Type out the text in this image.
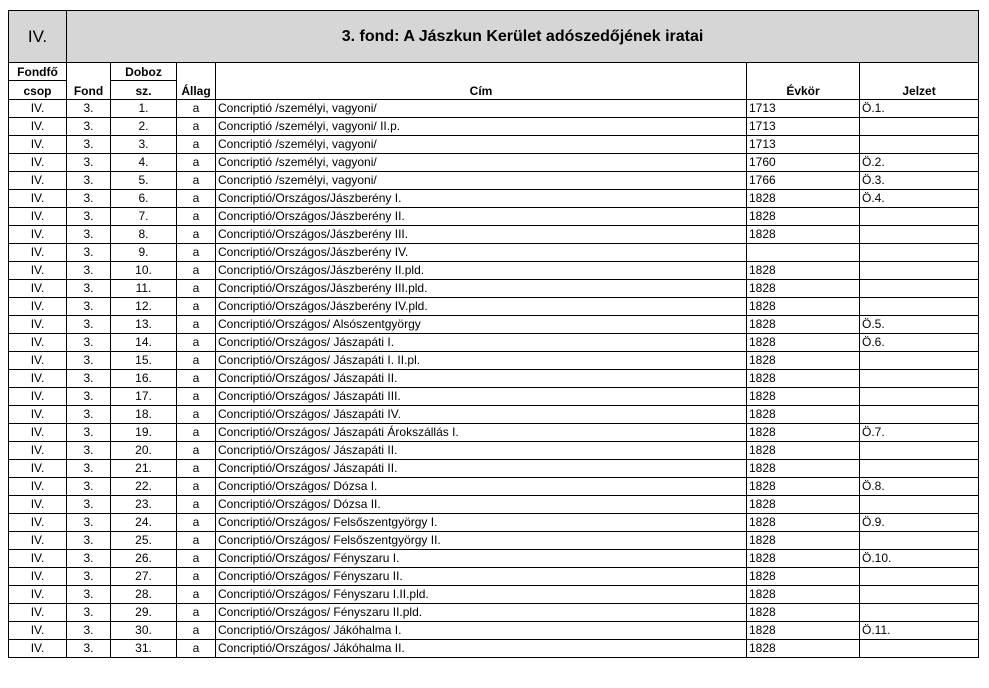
IV.	3. fond: A Jászkun Kerület adószedőjének iratai					
Fondfő	Fond	Doboz	Állag	Cím	Évkör	Jelzet
csop		sz.				
IV.	3.	1.	a	Concriptió /személyi, vagyoni/	1713	Ö.1.
IV.	3.	2.	a	Concriptió /személyi, vagyoni/ II.p.	1713	
IV.	3.	3.	a	Concriptió /személyi, vagyoni/	1713	
IV.	3.	4.	a	Concriptió /személyi, vagyoni/	1760	Ö.2.
IV.	3.	5.	a	Concriptió /személyi, vagyoni/	1766	Ö.3.
IV.	3.	6.	a	Concriptió/Országos/Jászberény I.	1828	Ö.4.
IV.	3.	7.	a	Concriptió/Országos/Jászberény II.	1828	
IV.	3.	8.	a	Concriptió/Országos/Jászberény III.	1828	
IV.	3.	9.	a	Concriptió/Országos/Jászberény IV.		
IV.	3.	10.	a	Concriptió/Országos/Jászberény II.pld.	1828	
IV.	3.	11.	a	Concriptió/Országos/Jászberény III.pld.	1828	
IV.	3.	12.	a	Concriptió/Országos/Jászberény IV.pld.	1828	
IV.	3.	13.	a	Concriptió/Országos/ Alsószentgyörgy	1828	Ö.5.
IV.	3.	14.	a	Concriptió/Országos/ Jászapáti I.	1828	Ö.6.
IV.	3.	15.	a	Concriptió/Országos/ Jászapáti I. II.pl.	1828	
IV.	3.	16.	a	Concriptió/Országos/ Jászapáti II.	1828	
IV.	3.	17.	a	Concriptió/Országos/ Jászapáti III.	1828	
IV.	3.	18.	a	Concriptió/Országos/ Jászapáti IV.	1828	
IV.	3.	19.	a	Concriptió/Országos/ Jászapáti Árokszállás I.	1828	Ö.7.
IV.	3.	20.	a	Concriptió/Országos/ Jászapáti II.	1828	
IV.	3.	21.	a	Concriptió/Országos/ Jászapáti II.	1828	
IV.	3.	22.	a	Concriptió/Országos/ Dózsa I.	1828	Ö.8.
IV.	3.	23.	a	Concriptió/Országos/ Dózsa II.	1828	
IV.	3.	24.	a	Concriptió/Országos/ Felsőszentgyörgy I.	1828	Ö.9.
IV.	3.	25.	a	Concriptió/Országos/ Felsőszentgyörgy II.	1828	
IV.	3.	26.	a	Concriptió/Országos/ Fényszaru I.	1828	Ö.10.
IV.	3.	27.	a	Concriptió/Országos/ Fényszaru II.	1828	
IV.	3.	28.	a	Concriptió/Országos/ Fényszaru I.II.pld.	1828	
IV.	3.	29.	a	Concriptió/Országos/ Fényszaru II.pld.	1828	
IV.	3.	30.	a	Concriptió/Országos/ Jákóhalma I.	1828	Ö.11.
IV.	3.	31.	a	Concriptió/Országos/ Jákóhalma II.	1828	
